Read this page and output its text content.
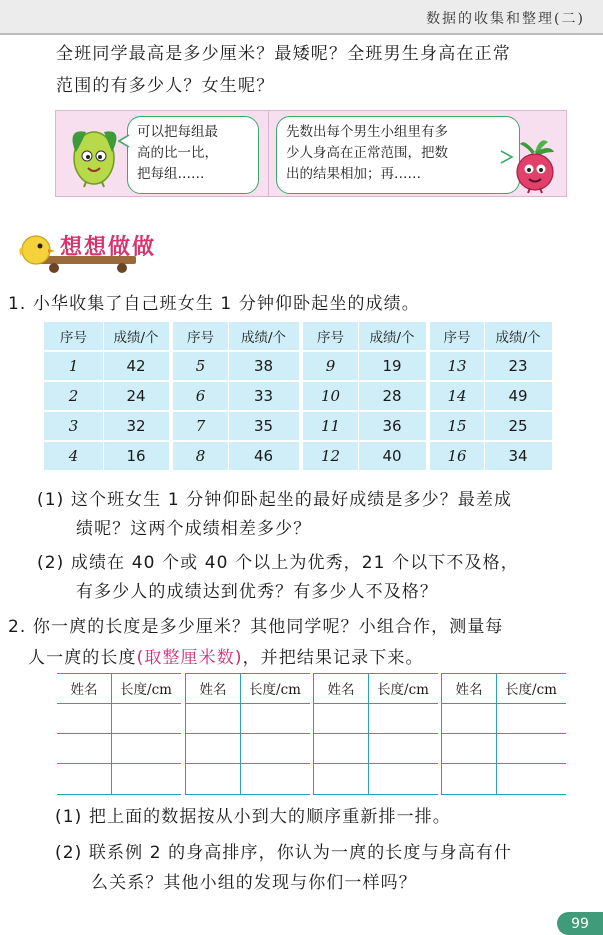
数据的收集和整理(二)
全班同学最高是多少厘米？最矮呢？全班男生身高在正常
范围的有多少人？女生呢？
可以把每组最
高的比一比，
把每组……
先数出每个男生小组里有多
少人身高在正常范围，把数
出的结果相加；再……
想想做做
1. 小华收集了自己班女生 1 分钟仰卧起坐的成绩。
序号	成绩/个
1	42
2	24
3	32
4	16
序号	成绩/个
5	38
6	33
7	35
8	46
序号	成绩/个
9	19
10	28
11	36
12	40
序号	成绩/个
13	23
14	49
15	25
16	34
(1) 这个班女生 1 分钟仰卧起坐的最好成绩是多少？最差成
绩呢？这两个成绩相差多少？
(2) 成绩在 40 个或 40 个以上为优秀，21 个以下不及格，
有多少人的成绩达到优秀？有多少人不及格？
2. 你一庹的长度是多少厘米？其他同学呢？小组合作，测量每
人一庹的长度(取整厘米数)，并把结果记录下来。
姓名	长度/cm	姓名	长度/cm	姓名	长度/cm	姓名	长度/cm
(1) 把上面的数据按从小到大的顺序重新排一排。
(2) 联系例 2 的身高排序，你认为一庹的长度与身高有什
么关系？其他小组的发现与你们一样吗？
99
